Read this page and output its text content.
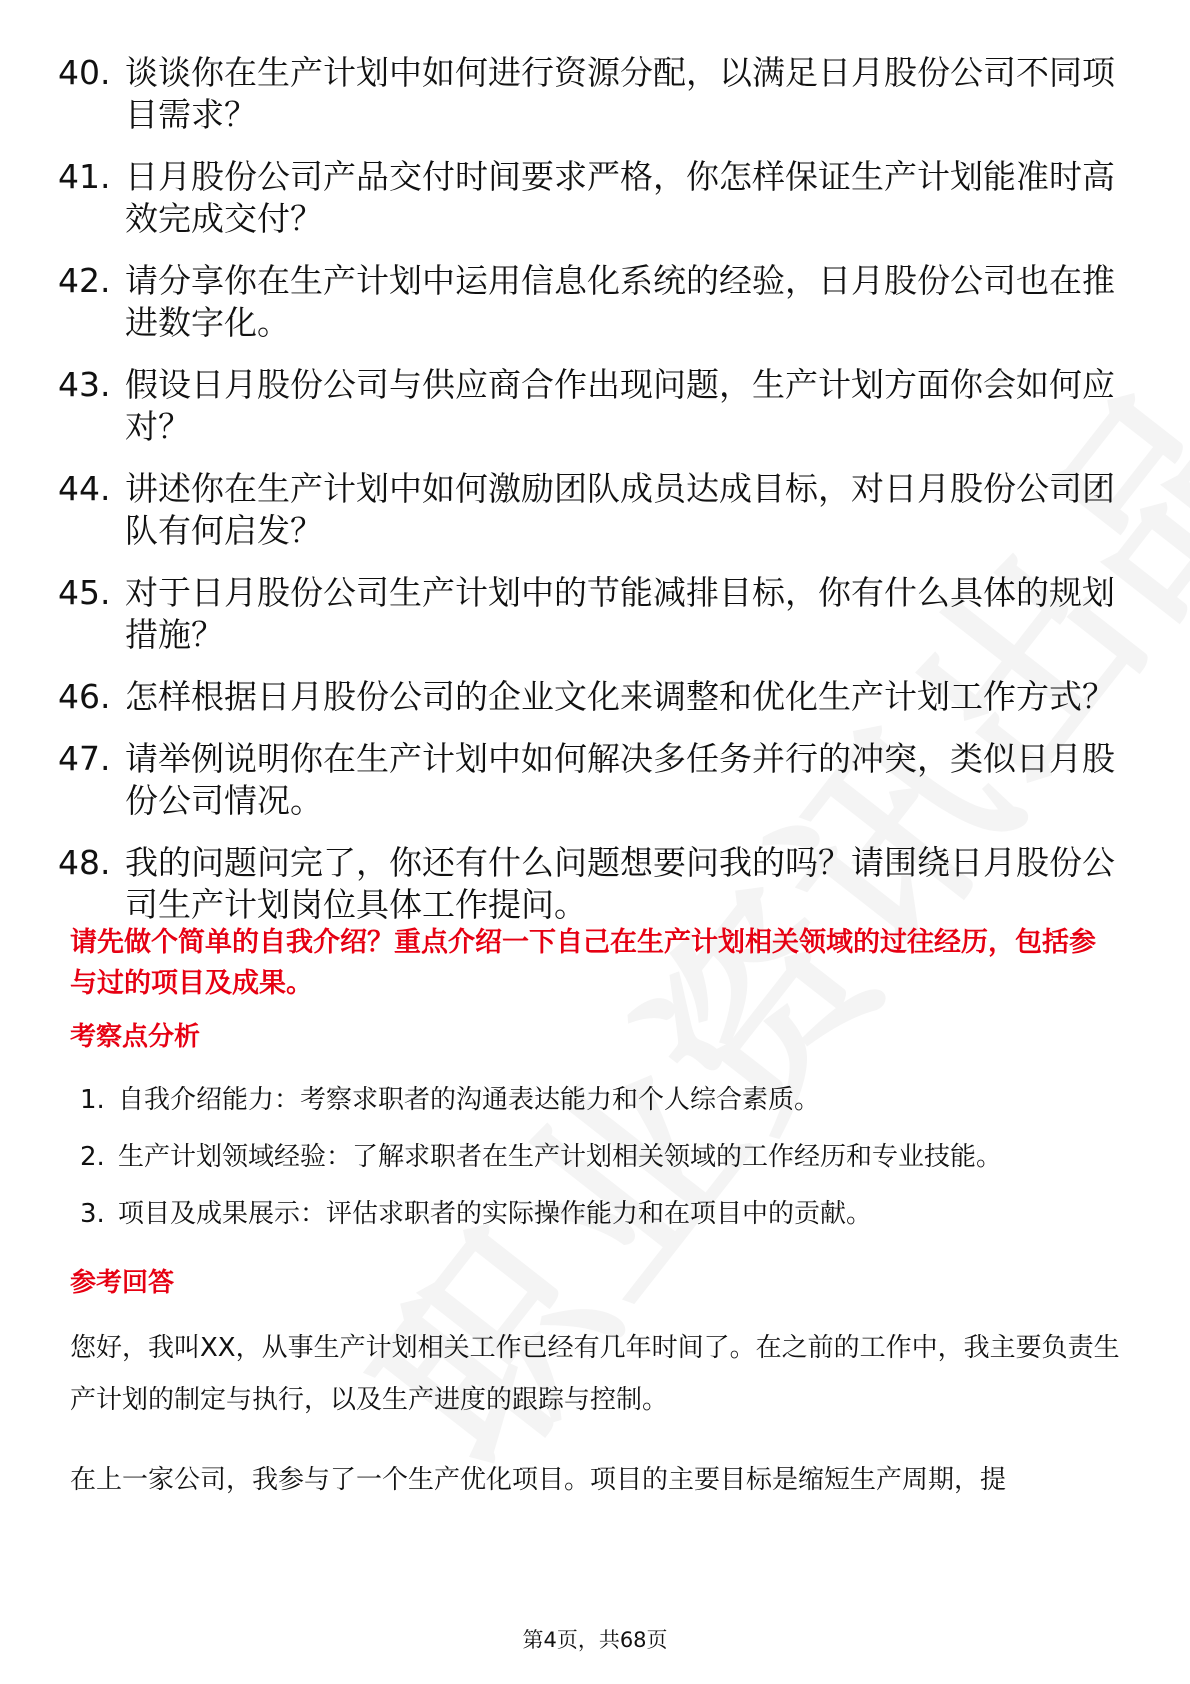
40. 谈谈你在生产计划中如何进行资源分配，以满足日月股份公司不同项目需求？
41. 日月股份公司产品交付时间要求严格，你怎样保证生产计划能准时高效完成交付？
42. 请分享你在生产计划中运用信息化系统的经验，日月股份公司也在推进数字化。
43. 假设日月股份公司与供应商合作出现问题，生产计划方面你会如何应对？
44. 讲述你在生产计划中如何激励团队成员达成目标，对日月股份公司团队有何启发？
45. 对于日月股份公司生产计划中的节能减排目标，你有什么具体的规划措施？
46. 怎样根据日月股份公司的企业文化来调整和优化生产计划工作方式？
47. 请举例说明你在生产计划中如何解决多任务并行的冲突，类似日月股份公司情况。
48. 我的问题问完了，你还有什么问题想要问我的吗？请围绕日月股份公司生产计划岗位具体工作提问。
请先做个简单的自我介绍？重点介绍一下自己在生产计划相关领域的过往经历，包括参与过的项目及成果。
考察点分析
1. 自我介绍能力：考察求职者的沟通表达能力和个人综合素质。
2. 生产计划领域经验：了解求职者在生产计划相关领域的工作经历和专业技能。
3. 项目及成果展示：评估求职者的实际操作能力和在项目中的贡献。
参考回答
您好，我叫XX，从事生产计划相关工作已经有几年时间了。在之前的工作中，我主要负责生产计划的制定与执行，以及生产进度的跟踪与控制。
在上一家公司，我参与了一个生产优化项目。项目的主要目标是缩短生产周期，提
第4页，共68页
